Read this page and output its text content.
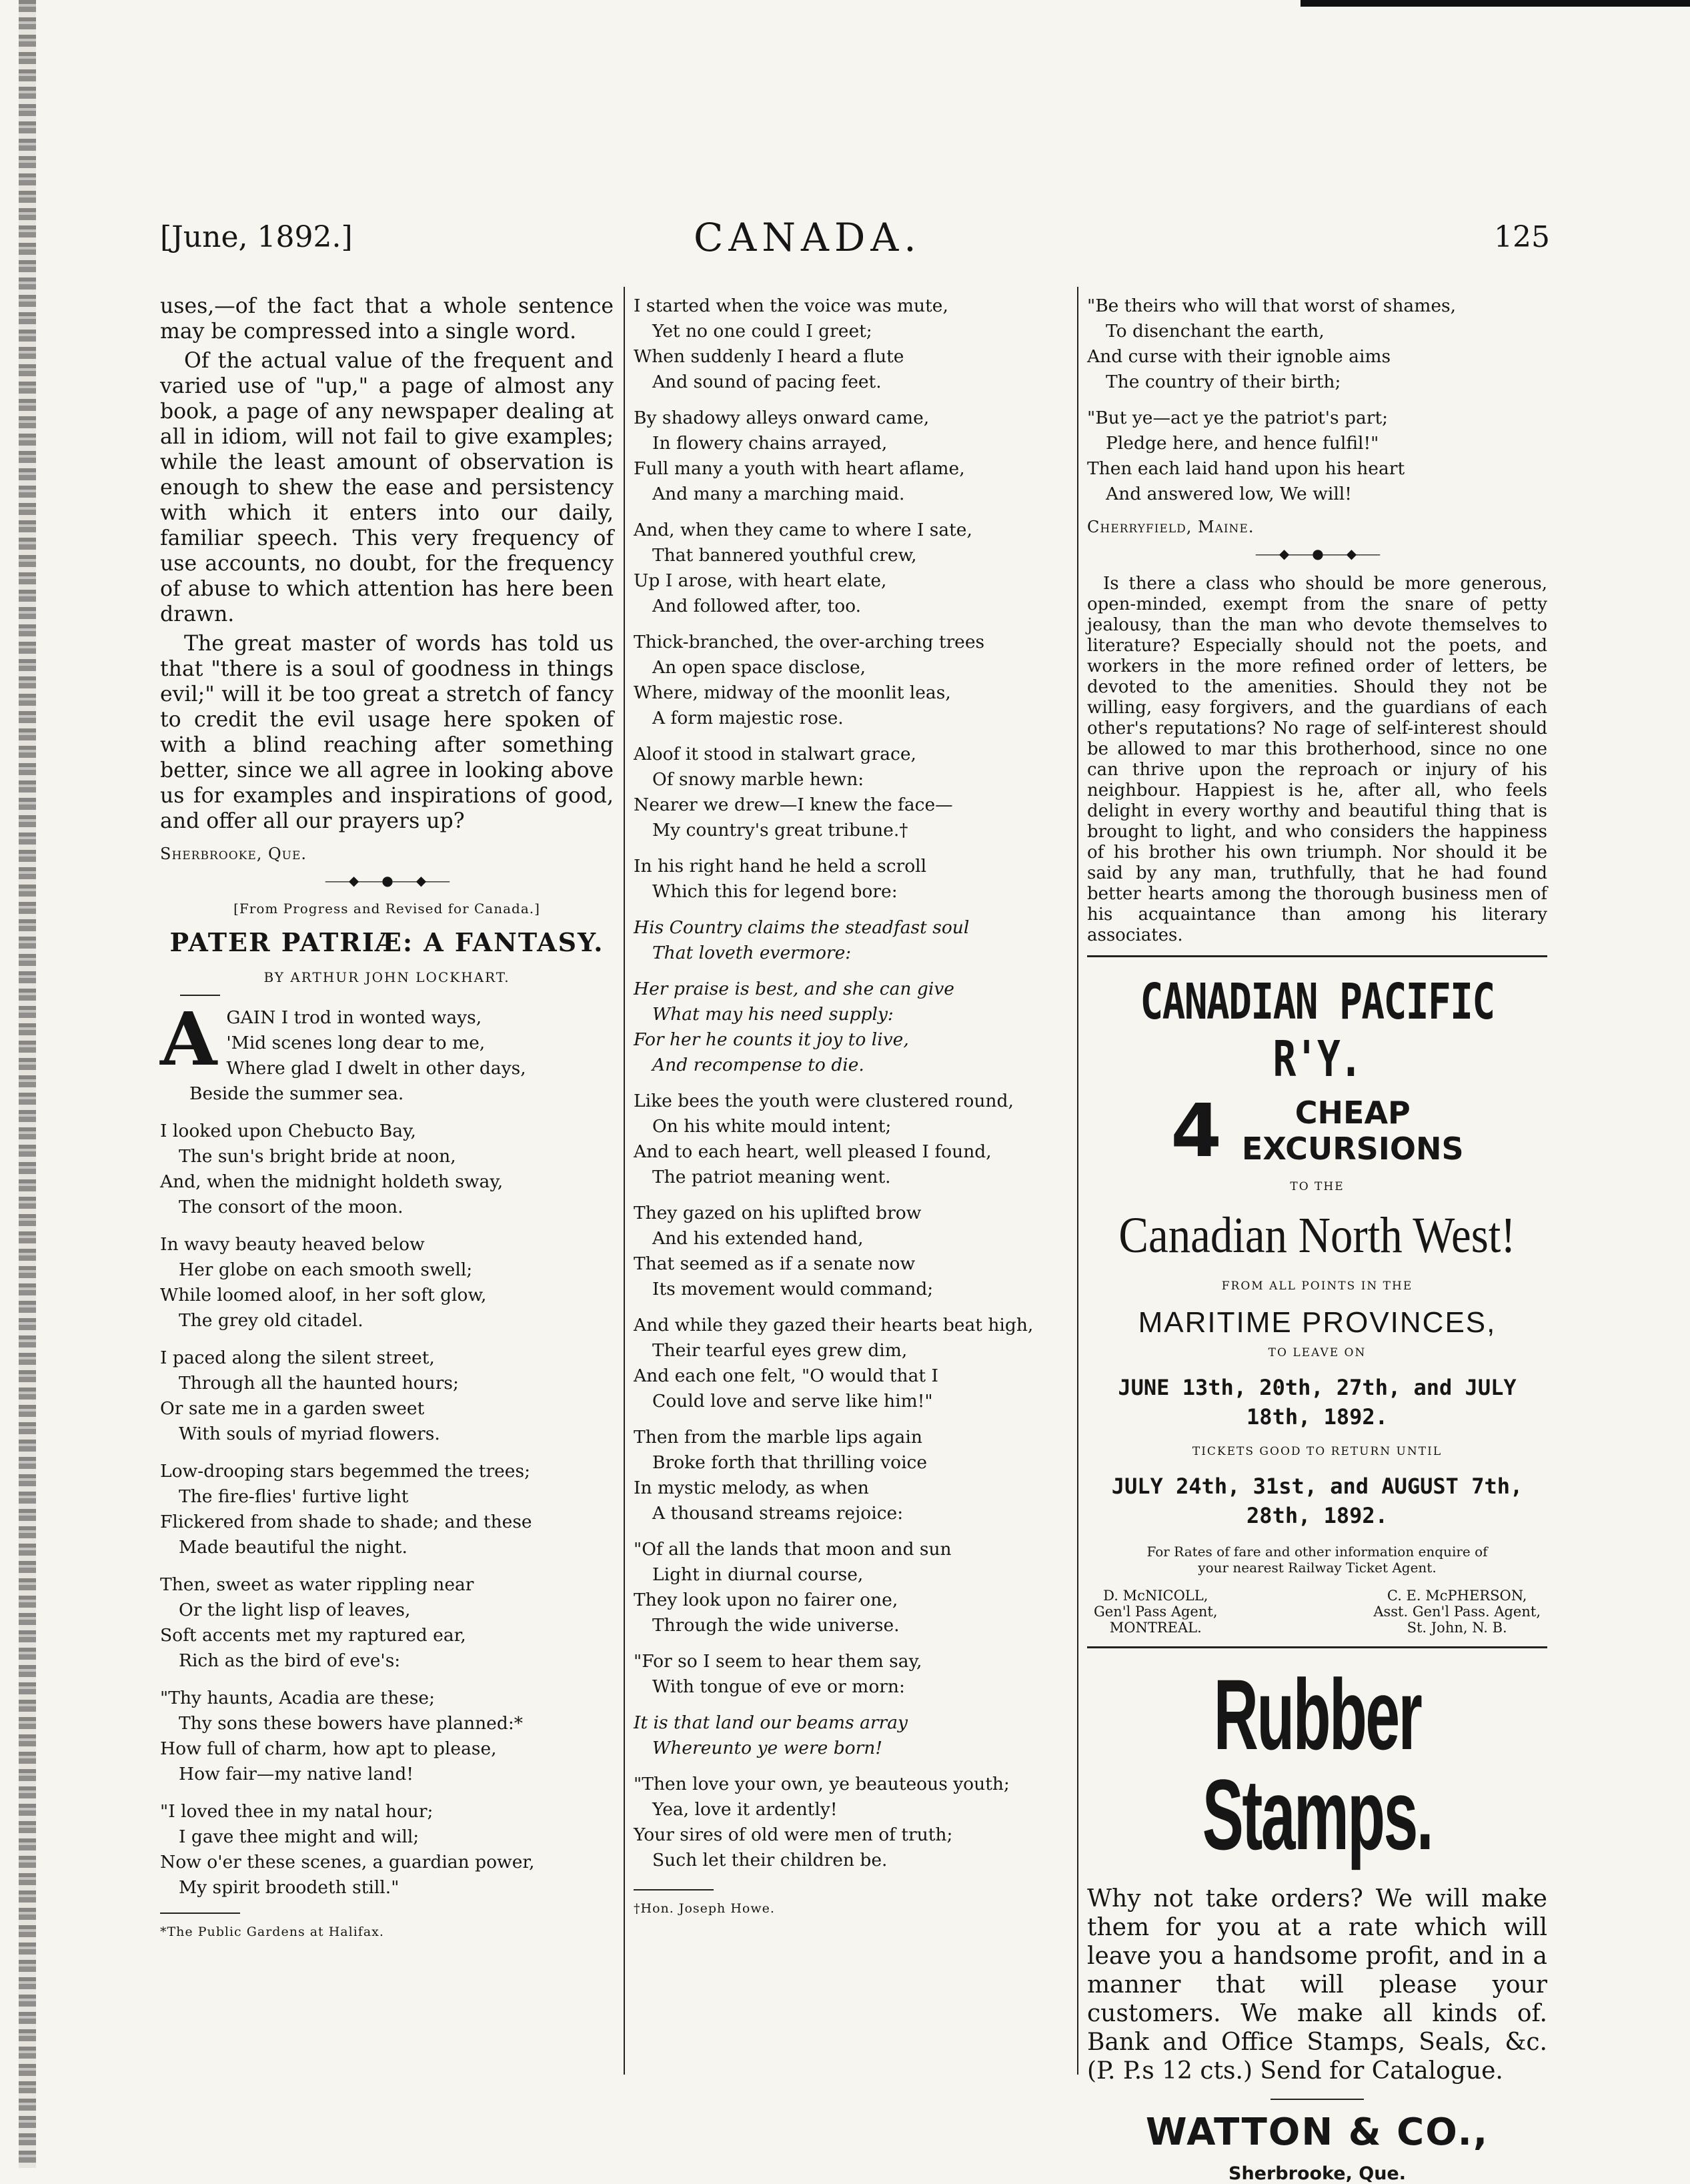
[June, 1892.]	CANADA.	125

uses,—of the fact that a whole sentence may be compressed into a single word.

Of the actual value of the frequent and varied use of "up," a page of almost any book, a page of any newspaper dealing at all in idiom, will not fail to give examples; while the least amount of observation is enough to shew the ease and persistency with which it enters into our daily, familiar speech. This very frequency of use accounts, no doubt, for the frequency of abuse to which attention has here been drawn.

The great master of words has told us that "there is a soul of goodness in things evil;" will it be too great a stretch of fancy to credit the evil usage here spoken of with a blind reaching after something better, since we all agree in looking above us for examples and inspirations of good, and offer all our prayers up?

Sherbrooke, Que.
——◆——●——◆——
[From Progress and Revised for Canada.]
PATER PATRIÆ: A FANTASY.
BY ARTHUR JOHN LOCKHART.
A GAIN I trod in wonted ways,
'Mid scenes long dear to me,
Where glad I dwelt in other days,
Beside the summer sea.
I looked upon Chebucto Bay,
The sun's bright bride at noon,
And, when the midnight holdeth sway,
The consort of the moon.
In wavy beauty heaved below
Her globe on each smooth swell;
While loomed aloof, in her soft glow,
The grey old citadel.
I paced along the silent street,
Through all the haunted hours;
Or sate me in a garden sweet
With souls of myriad flowers.
Low-drooping stars begemmed the trees;
The fire-flies' furtive light
Flickered from shade to shade; and these
Made beautiful the night.
Then, sweet as water rippling near
Or the light lisp of leaves,
Soft accents met my raptured ear,
Rich as the bird of eve's:
"Thy haunts, Acadia are these;
Thy sons these bowers have planned:*
How full of charm, how apt to please,
How fair—my native land!
"I loved thee in my natal hour;
I gave thee might and will;
Now o'er these scenes, a guardian power,
My spirit broodeth still."
*The Public Gardens at Halifax.
I started when the voice was mute,
Yet no one could I greet;
When suddenly I heard a flute
And sound of pacing feet.
By shadowy alleys onward came,
In flowery chains arrayed,
Full many a youth with heart aflame,
And many a marching maid.
And, when they came to where I sate,
That bannered youthful crew,
Up I arose, with heart elate,
And followed after, too.
Thick-branched, the over-arching trees
An open space disclose,
Where, midway of the moonlit leas,
A form majestic rose.
Aloof it stood in stalwart grace,
Of snowy marble hewn:
Nearer we drew—I knew the face—
My country's great tribune.†
In his right hand he held a scroll
Which this for legend bore:
His Country claims the steadfast soul
That loveth evermore:
Her praise is best, and she can give
What may his need supply:
For her he counts it joy to live,
And recompense to die.
Like bees the youth were clustered round,
On his white mould intent;
And to each heart, well pleased I found,
The patriot meaning went.
They gazed on his uplifted brow
And his extended hand,
That seemed as if a senate now
Its movement would command;
And while they gazed their hearts beat high,
Their tearful eyes grew dim,
And each one felt, "O would that I
Could love and serve like him!"
Then from the marble lips again
Broke forth that thrilling voice
In mystic melody, as when
A thousand streams rejoice:
"Of all the lands that moon and sun
Light in diurnal course,
They look upon no fairer one,
Through the wide universe.
"For so I seem to hear them say,
With tongue of eve or morn:
It is that land our beams array
Whereunto ye were born!
"Then love your own, ye beauteous youth;
Yea, love it ardently!
Your sires of old were men of truth;
Such let their children be.
†Hon. Joseph Howe.
"Be theirs who will that worst of shames,
To disenchant the earth,
And curse with their ignoble aims
The country of their birth;
"But ye—act ye the patriot's part;
Pledge here, and hence fulfil!"
Then each laid hand upon his heart
And answered low, We will!
Cherryfield, Maine.
——◆——●——◆——
Is there a class who should be more generous, open-minded, exempt from the snare of petty jealousy, than the man who devote themselves to literature? Especially should not the poets, and workers in the more refined order of letters, be devoted to the amenities. Should they not be willing, easy forgivers, and the guardians of each other's reputations? No rage of self-interest should be allowed to mar this brotherhood, since no one can thrive upon the reproach or injury of his neighbour. Happiest is he, after all, who feels delight in every worthy and beautiful thing that is brought to light, and who considers the happiness of his brother his own triumph. Nor should it be said by any man, truthfully, that he had found better hearts among the thorough business men of his acquaintance than among his literary associates.
CANADIAN PACIFIC R'Y.
4	CHEAP
EXCURSIONS
TO THE
Canadian North West!
FROM ALL POINTS IN THE
MARITIME PROVINCES,
TO LEAVE ON
JUNE 13th, 20th, 27th, and JULY
18th, 1892.
TICKETS GOOD TO RETURN UNTIL
JULY 24th, 31st, and AUGUST 7th,
28th, 1892.
For Rates of fare and other information enquire of
your nearest Railway Ticket Agent.
D. McNICOLL,
Gen'l Pass Agent,
MONTREAL.
C. E. McPHERSON,
Asst. Gen'l Pass. Agent,
St. John, N. B.
Rubber Stamps.
Why not take orders? We will make them for you at a rate which will leave you a handsome profit, and in a manner that will please your customers. We make all kinds of. Bank and Office Stamps, Seals, &c. (P. P.s 12 cts.) Send for Catalogue.
WATTON & CO.,
Sherbrooke, Que.
